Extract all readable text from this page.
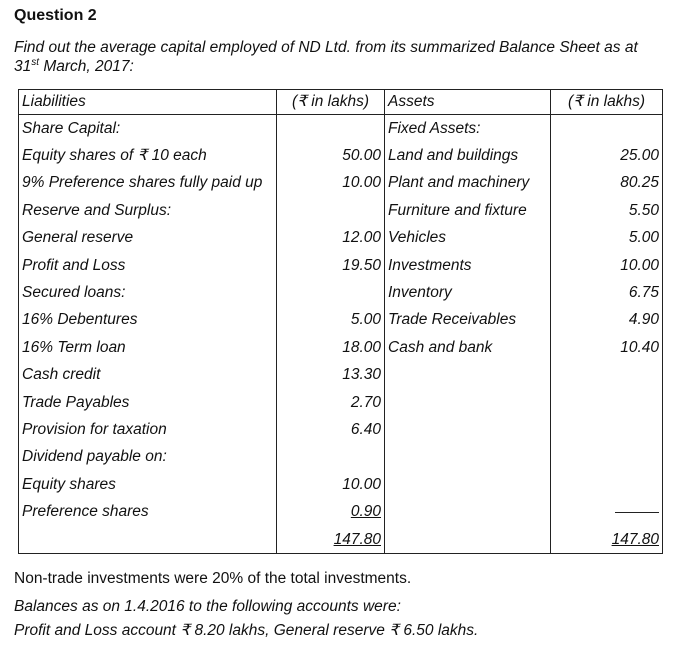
Question 2
Find out the average capital employed of ND Ltd. from its summarized Balance Sheet as at
31st March, 2017:
Liabilities	(₹ in lakhs)	Assets	(₹ in lakhs)
Share Capital:		Fixed Assets:	
Equity shares of ₹ 10 each	50.00	Land and buildings	25.00
9% Preference shares fully paid up	10.00	Plant and machinery	80.25
Reserve and Surplus:		Furniture and fixture	5.50
General reserve	12.00	Vehicles	5.00
Profit and Loss	19.50	Investments	10.00
Secured loans:		Inventory	6.75
16% Debentures	5.00	Trade Receivables	4.90
16% Term loan	18.00	Cash and bank	10.40
Cash credit	13.30		
Trade Payables	2.70		
Provision for taxation	6.40		
Dividend payable on:			
Equity shares	10.00		
Preference shares	0.90		
	147.80		147.80
Non-trade investments were 20% of the total investments.
Balances as on 1.4.2016 to the following accounts were:
Profit and Loss account ₹ 8.20 lakhs, General reserve ₹ 6.50 lakhs.
